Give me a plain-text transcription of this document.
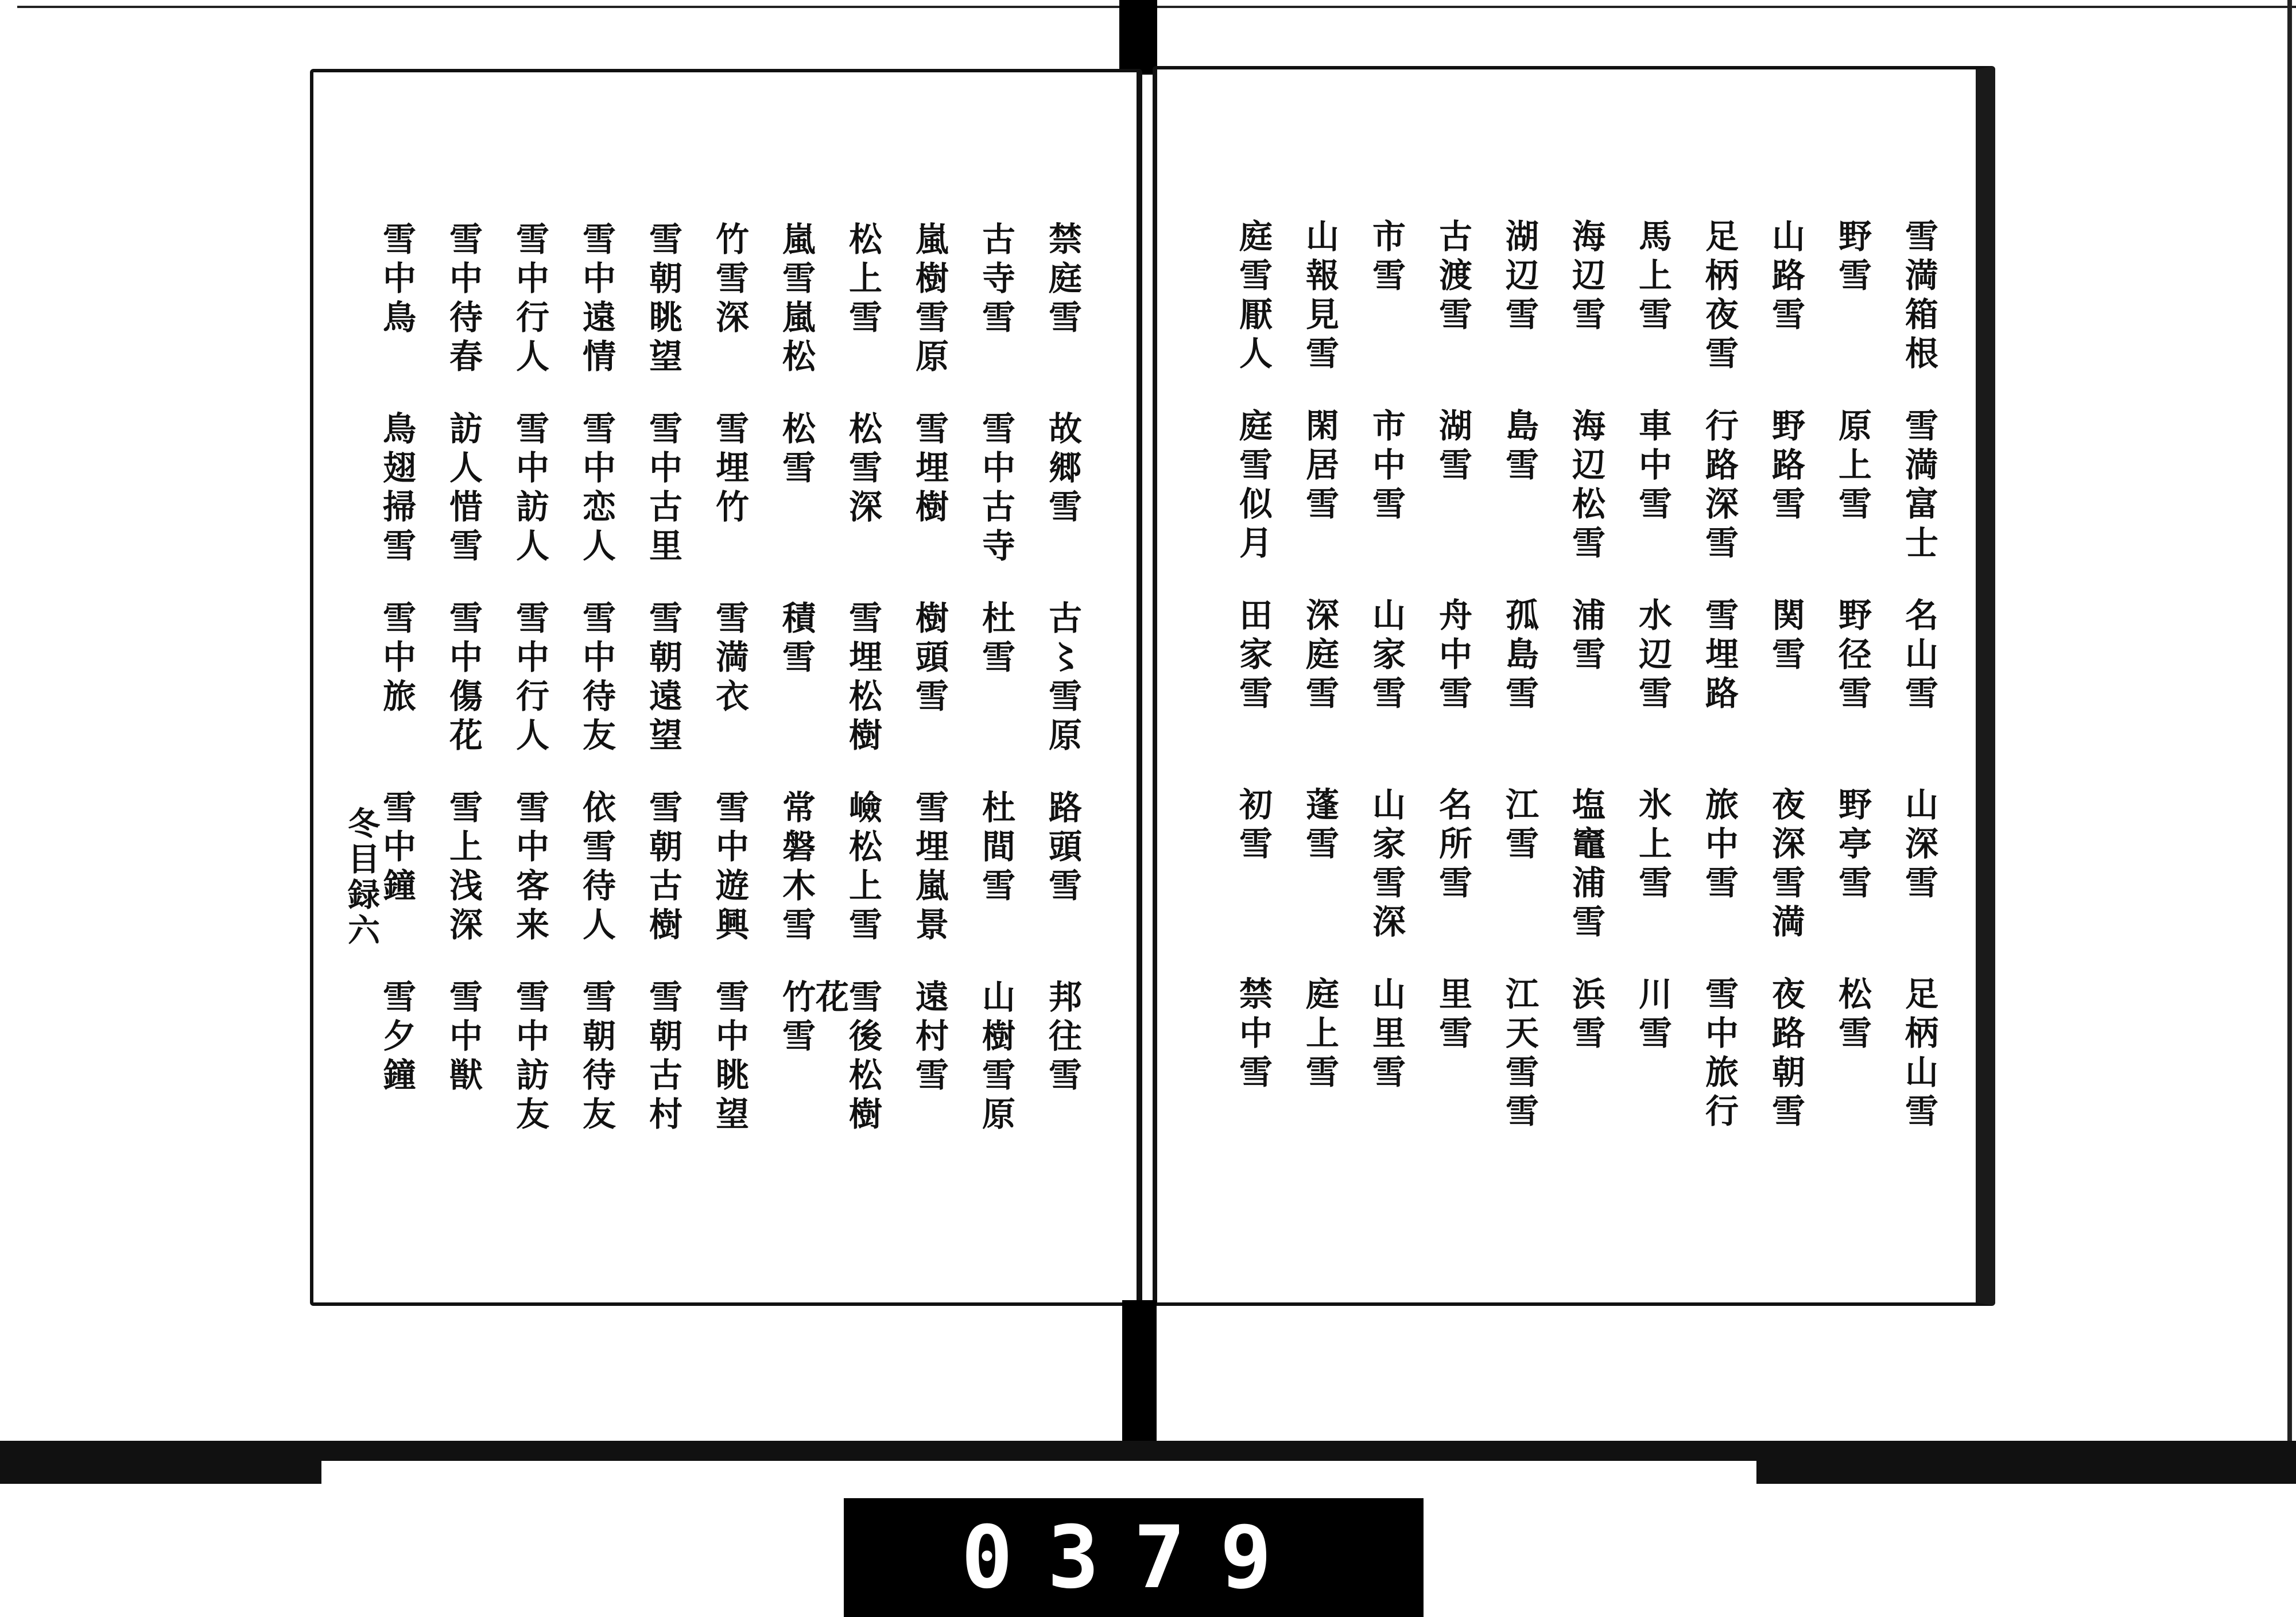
禁庭雪
故郷雪
古〻雪原
路頭雪
邦往雪
古寺雪
雪中古寺
杜雪
杜間雪
山樹雪原
嵐樹雪原
雪埋樹
樹頭雪
雪埋嵐景
遠村雪
松上雪
松雪深
雪埋松樹
嶮松上雪
雪後松樹花
嵐雪嵐松
松雪
積雪
常磐木雪
竹雪
竹雪深
雪埋竹
雪満衣
雪中遊興
雪中眺望
雪朝眺望
雪中古里
雪朝遠望
雪朝古樹
雪朝古村
雪中遠情
雪中恋人
雪中待友
依雪待人
雪朝待友
雪中行人
雪中訪人
雪中行人
雪中客来
雪中訪友
雪中待春
訪人惜雪
雪中傷花
雪上浅深
雪中獣
雪中鳥
鳥翅掃雪
雪中旅
雪中鐘
雪夕鐘
冬目録六
雪満箱根
雪満富士
名山雪
山深雪
足柄山雪
野雪
原上雪
野径雪
野亭雪
松雪
山路雪
野路雪
関雪
夜深雪満
夜路朝雪
足柄夜雪
行路深雪
雪埋路
旅中雪
雪中旅行
馬上雪
車中雪
水辺雪
氷上雪
川雪
海辺雪
海辺松雪
浦雪
塩竈浦雪
浜雪
湖辺雪
島雪
孤島雪
江雪
江天雪雪
古渡雪
湖雪
舟中雪
名所雪
里雪
市雪
市中雪
山家雪
山家雪深
山里雪
山報見雪
閑居雪
深庭雪
蓬雪
庭上雪
庭雪厭人
庭雪似月
田家雪
初雪
禁中雪
0379
